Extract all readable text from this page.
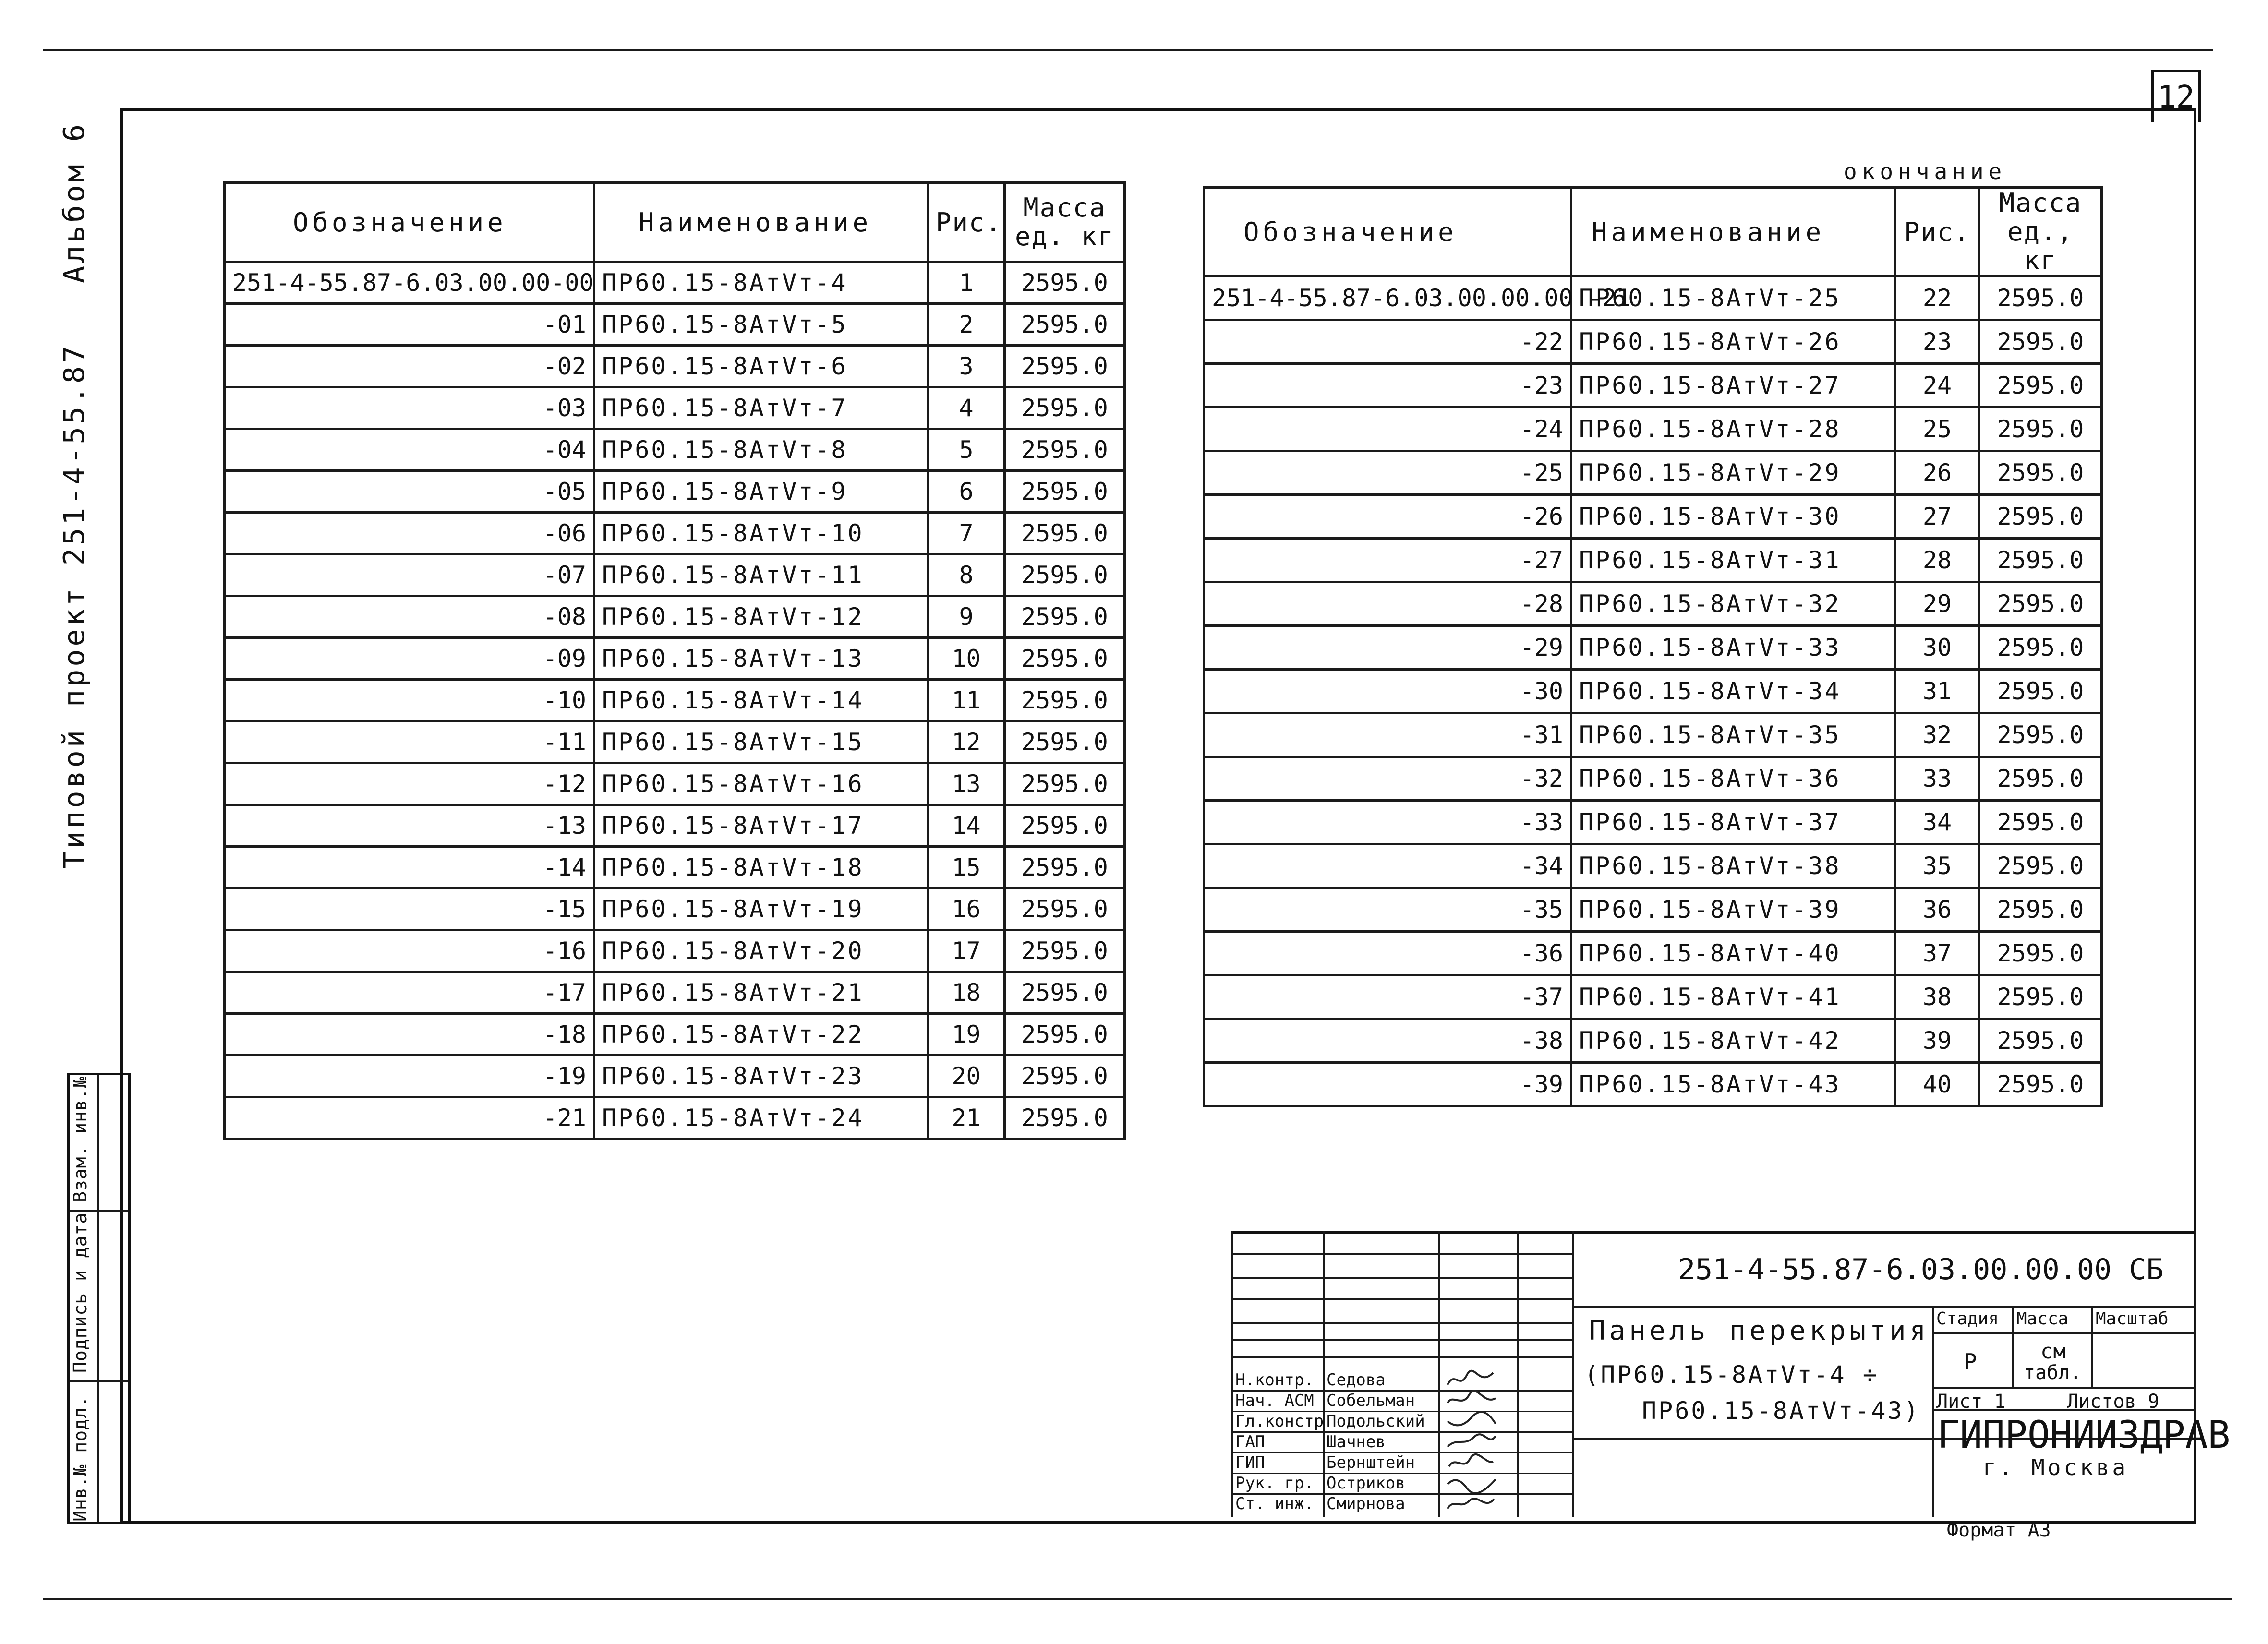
12
Альбом 6
Типовой проект 251-4-55.87
Инв.№ подл.
Подпись и дата
Взам. инв.№
Обозначение	Наименование	Рис.	Масса ед. кг
251-4-55.87-6.03.00.00-00	ПР60.15-8АтVт-4	1	2595.0
-01	ПР60.15-8АтVт-5	2	2595.0
-02	ПР60.15-8АтVт-6	3	2595.0
-03	ПР60.15-8АтVт-7	4	2595.0
-04	ПР60.15-8АтVт-8	5	2595.0
-05	ПР60.15-8АтVт-9	6	2595.0
-06	ПР60.15-8АтVт-10	7	2595.0
-07	ПР60.15-8АтVт-11	8	2595.0
-08	ПР60.15-8АтVт-12	9	2595.0
-09	ПР60.15-8АтVт-13	10	2595.0
-10	ПР60.15-8АтVт-14	11	2595.0
-11	ПР60.15-8АтVт-15	12	2595.0
-12	ПР60.15-8АтVт-16	13	2595.0
-13	ПР60.15-8АтVт-17	14	2595.0
-14	ПР60.15-8АтVт-18	15	2595.0
-15	ПР60.15-8АтVт-19	16	2595.0
-16	ПР60.15-8АтVт-20	17	2595.0
-17	ПР60.15-8АтVт-21	18	2595.0
-18	ПР60.15-8АтVт-22	19	2595.0
-19	ПР60.15-8АтVт-23	20	2595.0
-21	ПР60.15-8АтVт-24	21	2595.0
окончание
Обозначение	Наименование	Рис.	Масса ед., кг
251-4-55.87-6.03.00.00.00 -21	ПР60.15-8АтVт-25	22	2595.0
-22	ПР60.15-8АтVт-26	23	2595.0
-23	ПР60.15-8АтVт-27	24	2595.0
-24	ПР60.15-8АтVт-28	25	2595.0
-25	ПР60.15-8АтVт-29	26	2595.0
-26	ПР60.15-8АтVт-30	27	2595.0
-27	ПР60.15-8АтVт-31	28	2595.0
-28	ПР60.15-8АтVт-32	29	2595.0
-29	ПР60.15-8АтVт-33	30	2595.0
-30	ПР60.15-8АтVт-34	31	2595.0
-31	ПР60.15-8АтVт-35	32	2595.0
-32	ПР60.15-8АтVт-36	33	2595.0
-33	ПР60.15-8АтVт-37	34	2595.0
-34	ПР60.15-8АтVт-38	35	2595.0
-35	ПР60.15-8АтVт-39	36	2595.0
-36	ПР60.15-8АтVт-40	37	2595.0
-37	ПР60.15-8АтVт-41	38	2595.0
-38	ПР60.15-8АтVт-42	39	2595.0
-39	ПР60.15-8АтVт-43	40	2595.0
251-4-55.87-6.03.00.00.00 СБ
Панель перекрытия
(ПР60.15-8АтVт-4 ÷
ПР60.15-8АтVт-43)
Стадия Масса Масштаб
Р	см
табл.
Лист 1	Листов 9
ГИПРОНИИЗДРАВ
г. Москва
Н.контр. Седова
Нач. АСМ Собельман
Гл.констр Подольский
ГАП	Шачнев
ГИП	Бернштейн
Рук. гр. Остриков
Ст. инж. Смирнова
Формат А3
